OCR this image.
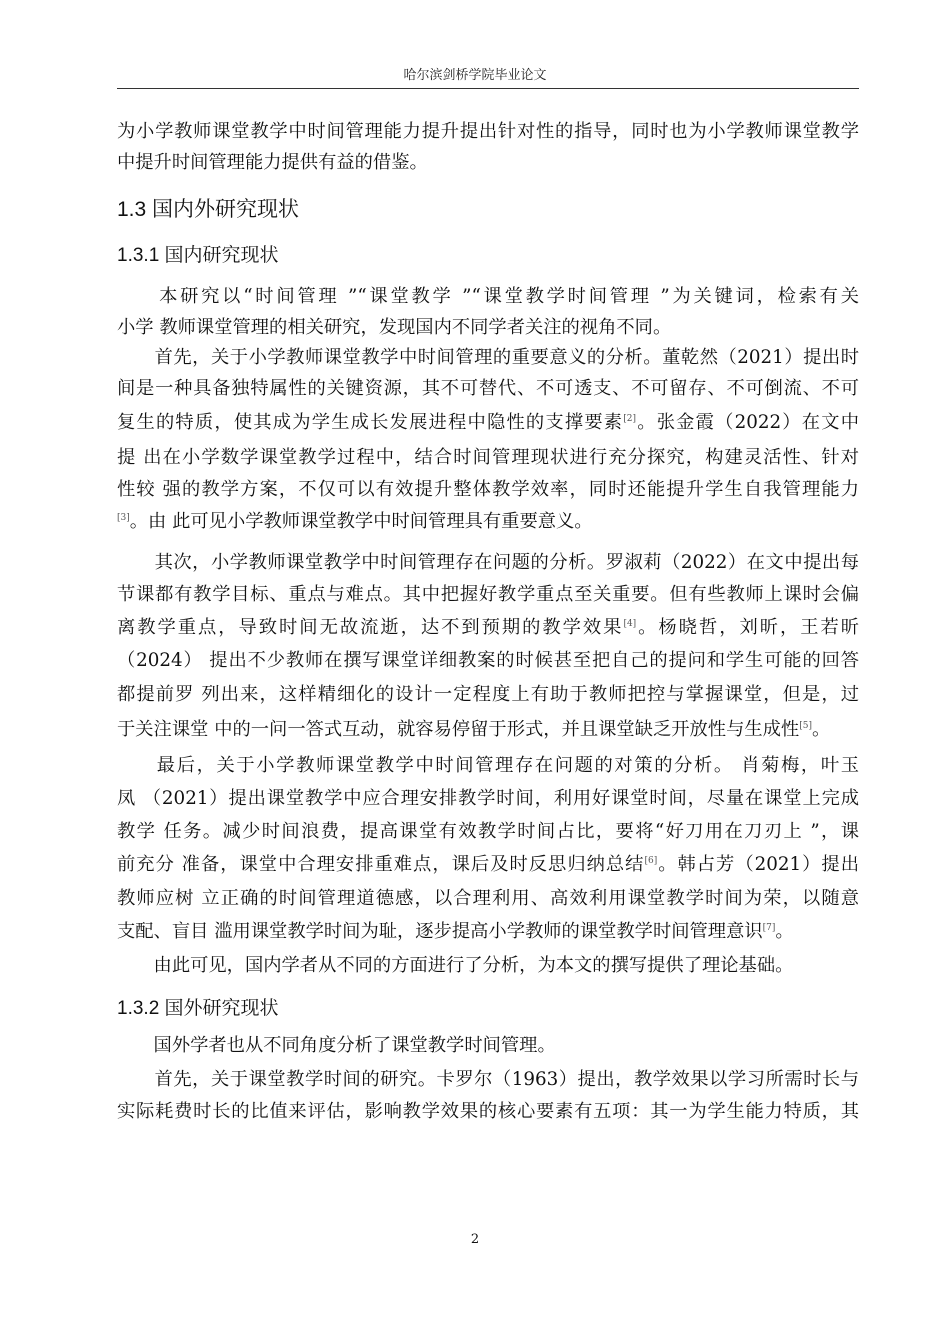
哈尔滨剑桥学院毕业论文
1.3 国内外研究现状
1.3.1 国内研究现状
1.3.2 国外研究现状
为小学教师课堂教学中时间管理能力提升提出针对性的指导，同时也为小学教师课堂教学
中提升时间管理能力提供有益的借鉴。
　　本研究以“时间管理 ”“课堂教学 ”“课堂教学时间管理 ”为关键词，检索有关
小学 教师课堂管理的相关研究，发现国内不同学者关注的视角不同。
　　首先，关于小学教师课堂教学中时间管理的重要意义的分析。董乾然（2021）提出时
间是一种具备独特属性的关键资源，其不可替代、不可透支、不可留存、不可倒流、不可
复生的特质，使其成为学生成长发展进程中隐性的支撑要素[2]。张金霞（2022）在文中
提 出在小学数学课堂教学过程中，结合时间管理现状进行充分探究，构建灵活性、针对
性较 强的教学方案，不仅可以有效提升整体教学效率，同时还能提升学生自我管理能力
[3]。由 此可见小学教师课堂教学中时间管理具有重要意义。
　　其次，小学教师课堂教学中时间管理存在问题的分析。罗淑莉（2022）在文中提出每
节课都有教学目标、重点与难点。其中把握好教学重点至关重要。但有些教师上课时会偏
离教学重点，导致时间无故流逝，达不到预期的教学效果[4]。杨晓哲，刘昕，王若昕
（2024） 提出不少教师在撰写课堂详细教案的时候甚至把自己的提问和学生可能的回答
都提前罗 列出来，这样精细化的设计一定程度上有助于教师把控与掌握课堂，但是，过
于关注课堂 中的一问一答式互动，就容易停留于形式，并且课堂缺乏开放性与生成性[5]。
　　最后，关于小学教师课堂教学中时间管理存在问题的对策的分析。 肖菊梅，叶玉
凤 （2021）提出课堂教学中应合理安排教学时间，利用好课堂时间，尽量在课堂上完成
教学 任务。减少时间浪费，提高课堂有效教学时间占比，要将“好刀用在刀刃上 ”，课
前充分 准备，课堂中合理安排重难点，课后及时反思归纳总结[6]。韩占芳（2021）提出
教师应树 立正确的时间管理道德感，以合理利用、高效利用课堂教学时间为荣，以随意
支配、盲目 滥用课堂教学时间为耻，逐步提高小学教师的课堂教学时间管理意识[7]。
　　由此可见，国内学者从不同的方面进行了分析，为本文的撰写提供了理论基础。
　　国外学者也从不同角度分析了课堂教学时间管理。
　　首先，关于课堂教学时间的研究。卡罗尔（1963）提出，教学效果以学习所需时长与
实际耗费时长的比值来评估，影响教学效果的核心要素有五项：其一为学生能力特质，其
2
